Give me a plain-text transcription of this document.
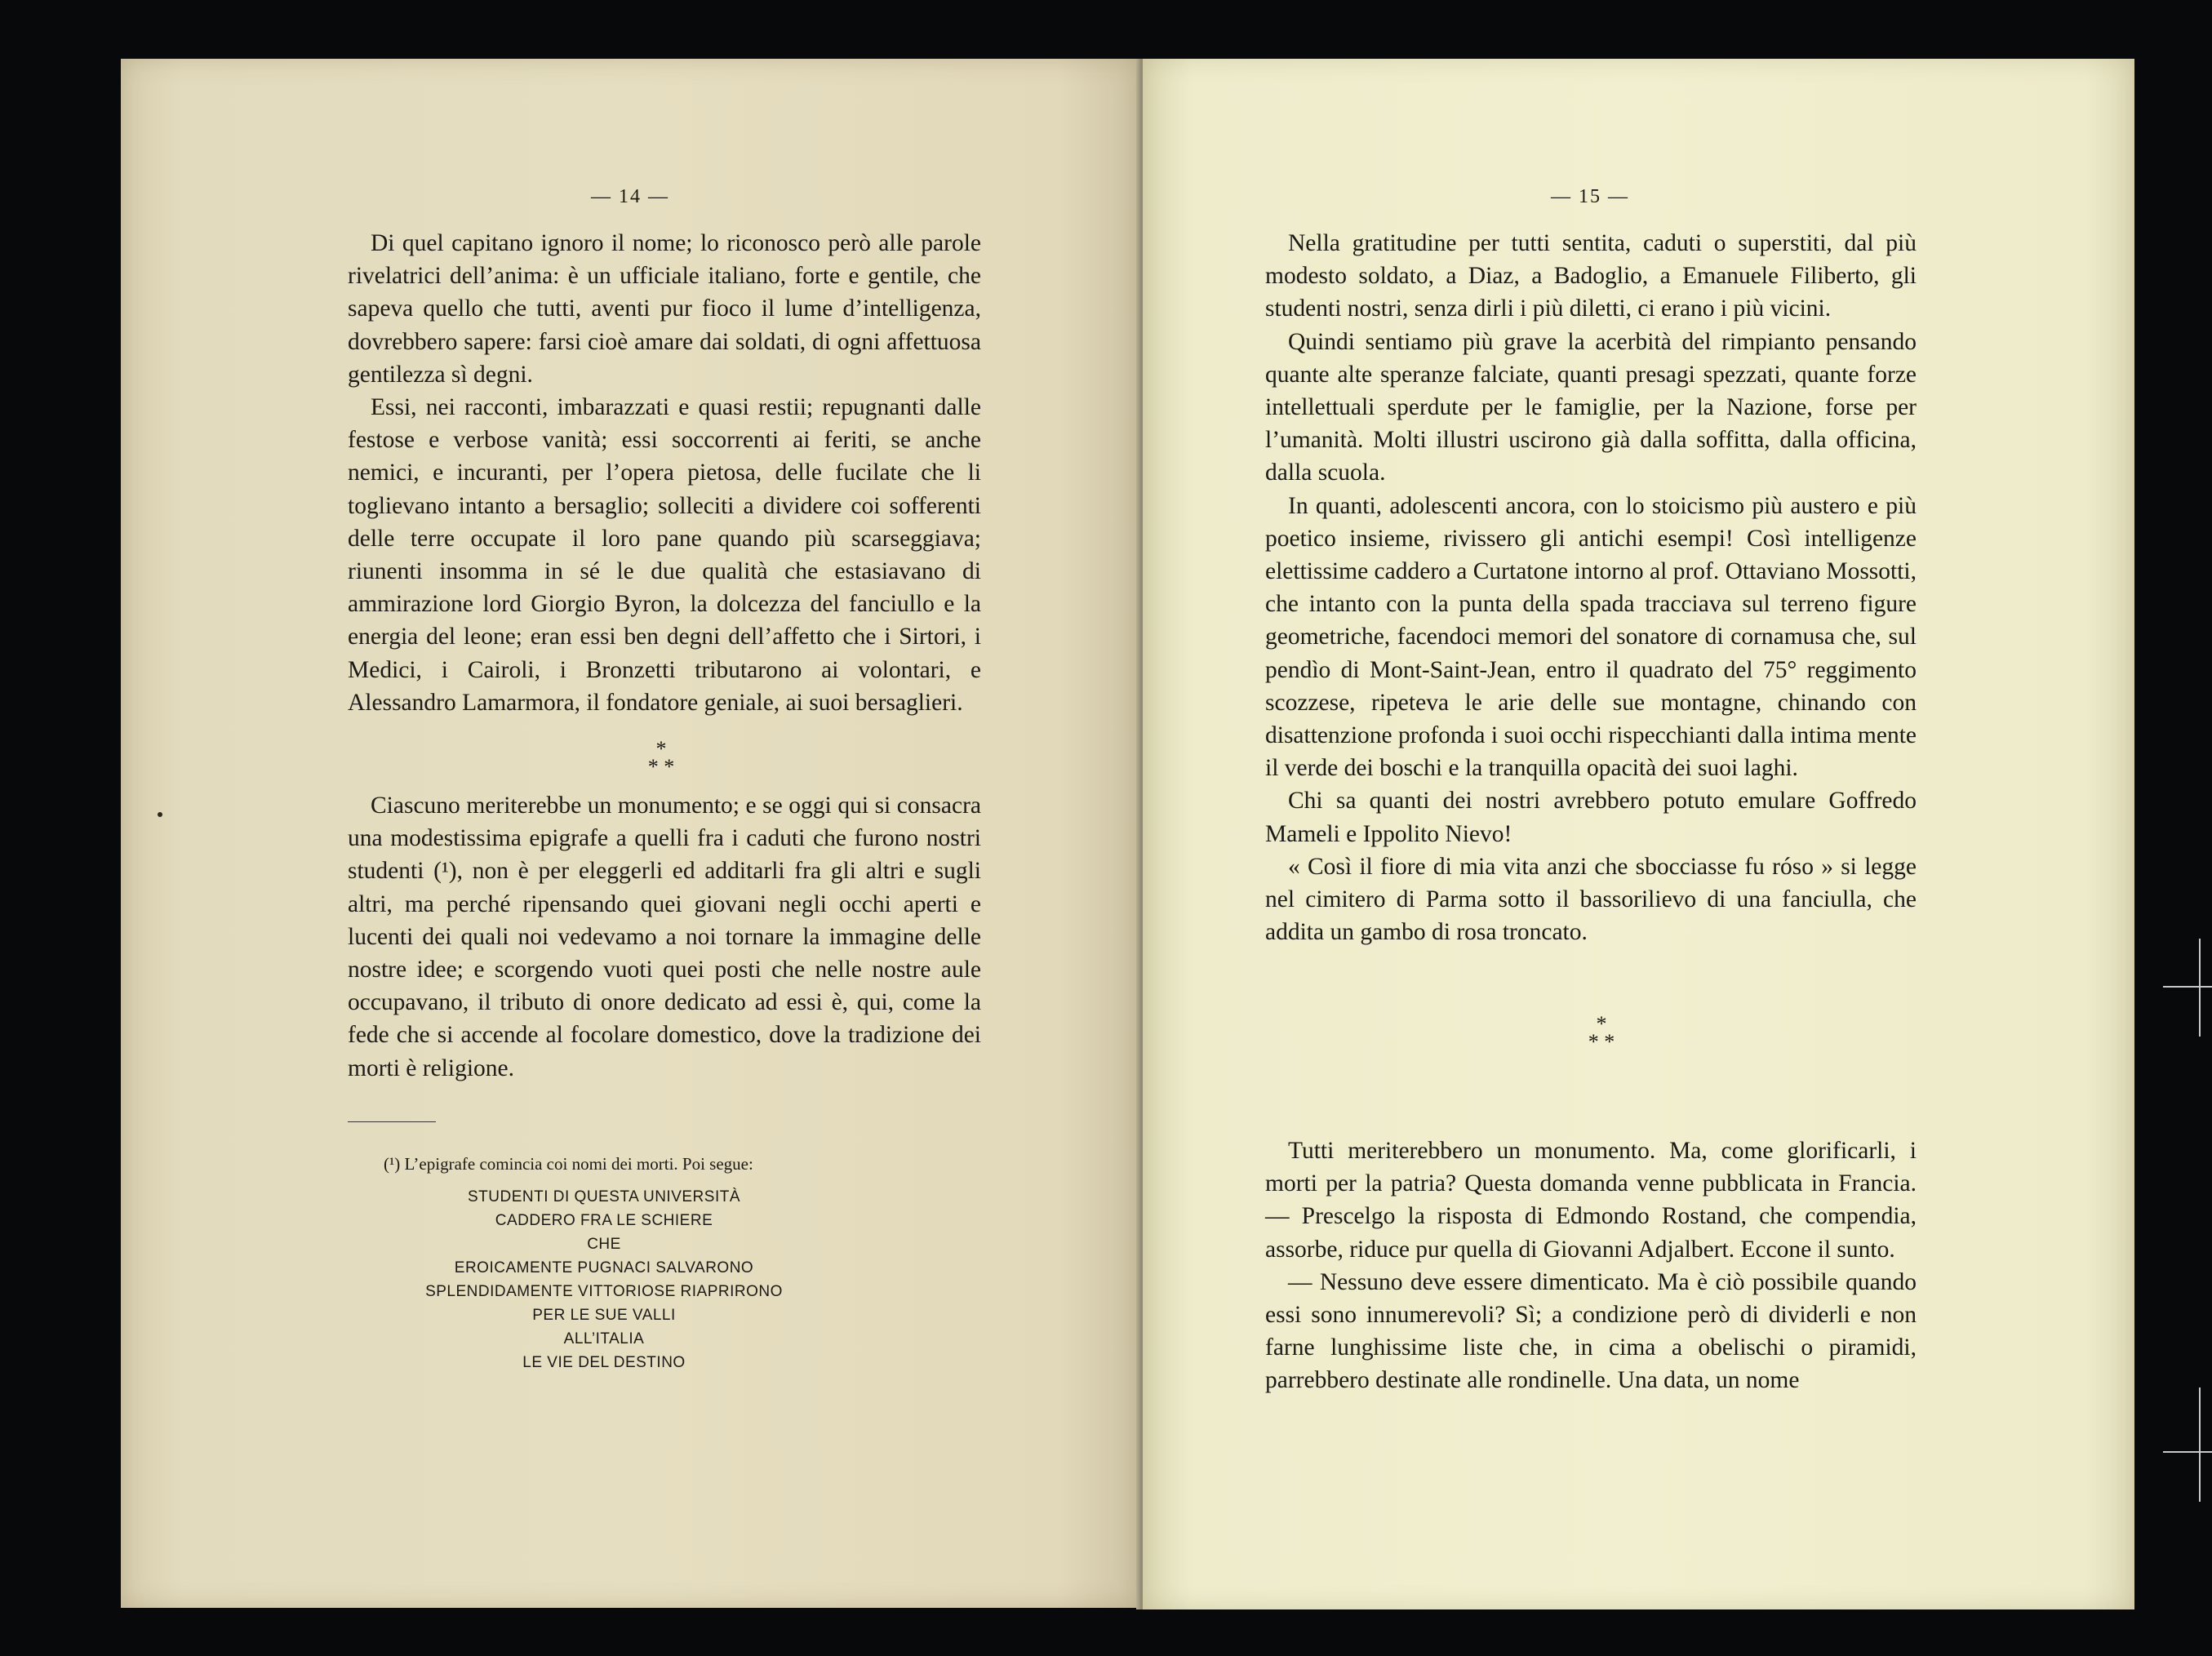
— 14 —

Di quel capitano ignoro il nome; lo riconosco però alle parole rivelatrici dell’anima: è un ufficiale italiano, forte e gentile, che sapeva quello che tutti, aventi pur fioco il lume d’intelligenza, dovrebbero sapere: farsi cioè amare dai soldati, di ogni affettuosa gentilezza sì degni.

Essi, nei racconti, imbarazzati e quasi restii; repugnanti dalle festose e verbose vanità; essi soccorrenti ai feriti, se anche nemici, e incuranti, per l’opera pietosa, delle fucilate che li toglievano intanto a bersaglio; solleciti a dividere coi sofferenti delle terre occupate il loro pane quando più scarseggiava; riunenti insomma in sé le due qualità che estasiavano di ammirazione lord Giorgio Byron, la dolcezza del fanciullo e la energia del leone; eran essi ben degni dell’affetto che i Sirtori, i Medici, i Cairoli, i Bronzetti tributarono ai volontari, e Alessandro Lamarmora, il fondatore geniale, ai suoi bersaglieri.

*
* *

Ciascuno meriterebbe un monumento; e se oggi qui si consacra una modestissima epigrafe a quelli fra i caduti che furono nostri studenti (¹), non è per eleggerli ed additarli fra gli altri e sugli altri, ma perché ripensando quei giovani negli occhi aperti e lucenti dei quali noi vedevamo a noi tornare la immagine delle nostre idee; e scorgendo vuoti quei posti che nelle nostre aule occupavano, il tributo di onore dedicato ad essi è, qui, come la fede che si accende al focolare domestico, dove la tradizione dei morti è religione.

(¹) L’epigrafe comincia coi nomi dei morti. Poi segue:
STUDENTI DI QUESTA UNIVERSITÀ
CADDERO FRA LE SCHIERE
CHE
EROICAMENTE PUGNACI SALVARONO
SPLENDIDAMENTE VITTORIOSE RIAPRIRONO
PER LE SUE VALLI
ALL’ITALIA
LE VIE DEL DESTINO
— 15 —

Nella gratitudine per tutti sentita, caduti o superstiti, dal più modesto soldato, a Diaz, a Badoglio, a Emanuele Filiberto, gli studenti nostri, senza dirli i più diletti, ci erano i più vicini.

Quindi sentiamo più grave la acerbità del rimpianto pensando quante alte speranze falciate, quanti presagi spezzati, quante forze intellettuali sperdute per le famiglie, per la Nazione, forse per l’umanità. Molti illustri uscirono già dalla soffitta, dalla officina, dalla scuola.

In quanti, adolescenti ancora, con lo stoicismo più austero e più poetico insieme, rivissero gli antichi esempi! Così intelligenze elettissime caddero a Curtatone intorno al prof. Ottaviano Mossotti, che intanto con la punta della spada tracciava sul terreno figure geometriche, facendoci memori del sonatore di cornamusa che, sul pendìo di Mont-Saint-Jean, entro il quadrato del 75° reggimento scozzese, ripeteva le arie delle sue montagne, chinando con disattenzione profonda i suoi occhi rispecchianti dalla intima mente il verde dei boschi e la tranquilla opacità dei suoi laghi.

Chi sa quanti dei nostri avrebbero potuto emulare Goffredo Mameli e Ippolito Nievo!

« Così il fiore di mia vita anzi che sbocciasse fu róso » si legge nel cimitero di Parma sotto il bassorilievo di una fanciulla, che addita un gambo di rosa troncato.

*
* *

Tutti meriterebbero un monumento. Ma, come glorificarli, i morti per la patria? Questa domanda venne pubblicata in Francia. — Prescelgo la risposta di Edmondo Rostand, che compendia, assorbe, riduce pur quella di Giovanni Adjalbert. Eccone il sunto.

— Nessuno deve essere dimenticato. Ma è ciò possibile quando essi sono innumerevoli? Sì; a condizione però di dividerli e non farne lunghissime liste che, in cima a obelischi o piramidi, parrebbero destinate alle rondinelle. Una data, un nome
